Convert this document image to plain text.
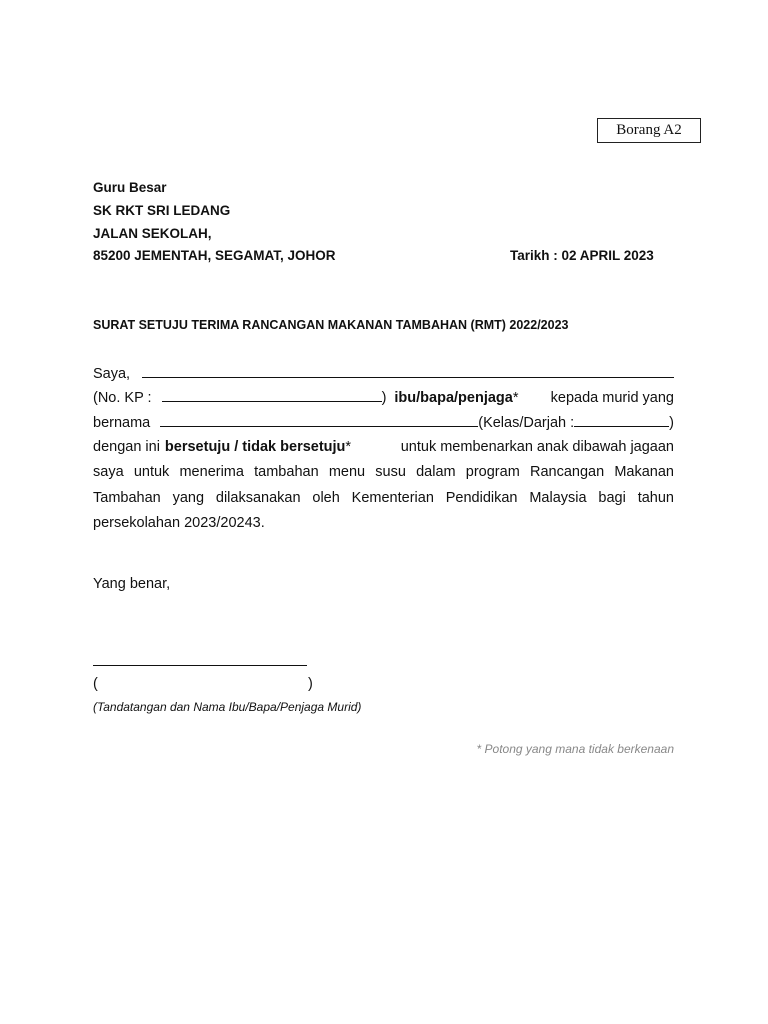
Borang A2
Guru Besar
SK RKT SRI LEDANG
JALAN SEKOLAH,
85200 JEMENTAH, SEGAMAT, JOHOR	Tarikh : 02 APRIL 2023
SURAT SETUJU TERIMA RANCANGAN MAKANAN TAMBAHAN (RMT) 2022/2023
Saya,
(No. KP :	) ibu/bapa/penjaga * kepada murid yang
bernama	(Kelas/Darjah :	)
dengan ini bersetuju / tidak bersetuju *	untuk membenarkan anak dibawah jagaan
saya untuk menerima tambahan menu susu dalam program Rancangan Makanan
Tambahan yang dilaksanakan oleh Kementerian Pendidikan Malaysia bagi tahun
persekolahan 2023/20243.
Yang benar,
(	)
(Tandatangan dan Nama Ibu/Bapa/Penjaga Murid)
* Potong yang mana tidak berkenaan
